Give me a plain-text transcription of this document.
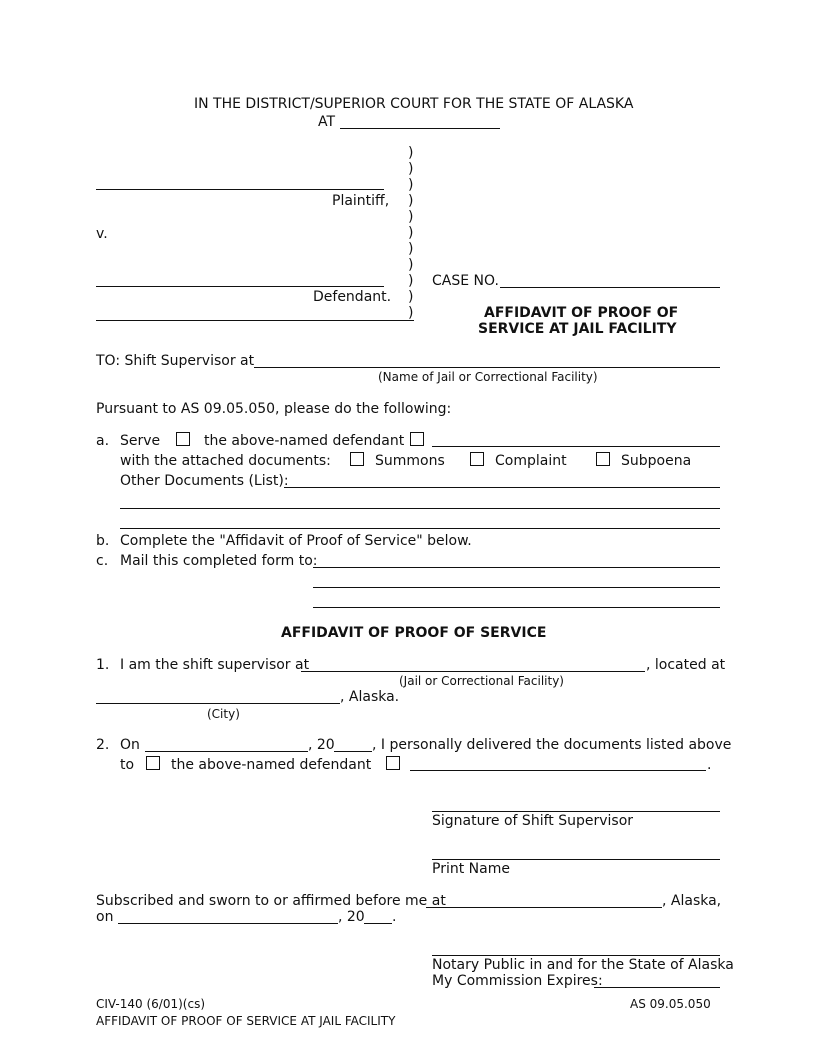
IN THE DISTRICT/SUPERIOR COURT FOR THE STATE OF ALASKA
AT
)
)
)
)
)
)
)
)
)
)
)
Plaintiff,
v.
Defendant.
CASE NO.
AFFIDAVIT OF PROOF OF
SERVICE AT JAIL FACILITY
TO: Shift Supervisor at
(Name of Jail or Correctional Facility)
Pursuant to AS 09.05.050, please do the following:
a. Serve	the above-named defendant
with the attached documents:	Summons	Complaint	Subpoena
Other Documents (List):
b. Complete the "Affidavit of Proof of Service" below.
c. Mail this completed form to:
AFFIDAVIT OF PROOF OF SERVICE
1. I am the shift supervisor at	, located at
(Jail or Correctional Facility)
, Alaska.
(City)
2. On	, 20	, I personally delivered the documents listed above
to	the above-named defendant	.
Signature of Shift Supervisor
Print Name
Subscribed and sworn to or affirmed before me at	, Alaska,
on	, 20 .
Notary Public in and for the State of Alaska
My Commission Expires:
CIV-140 (6/01)(cs)
AFFIDAVIT OF PROOF OF SERVICE AT JAIL FACILITY
AS 09.05.050
